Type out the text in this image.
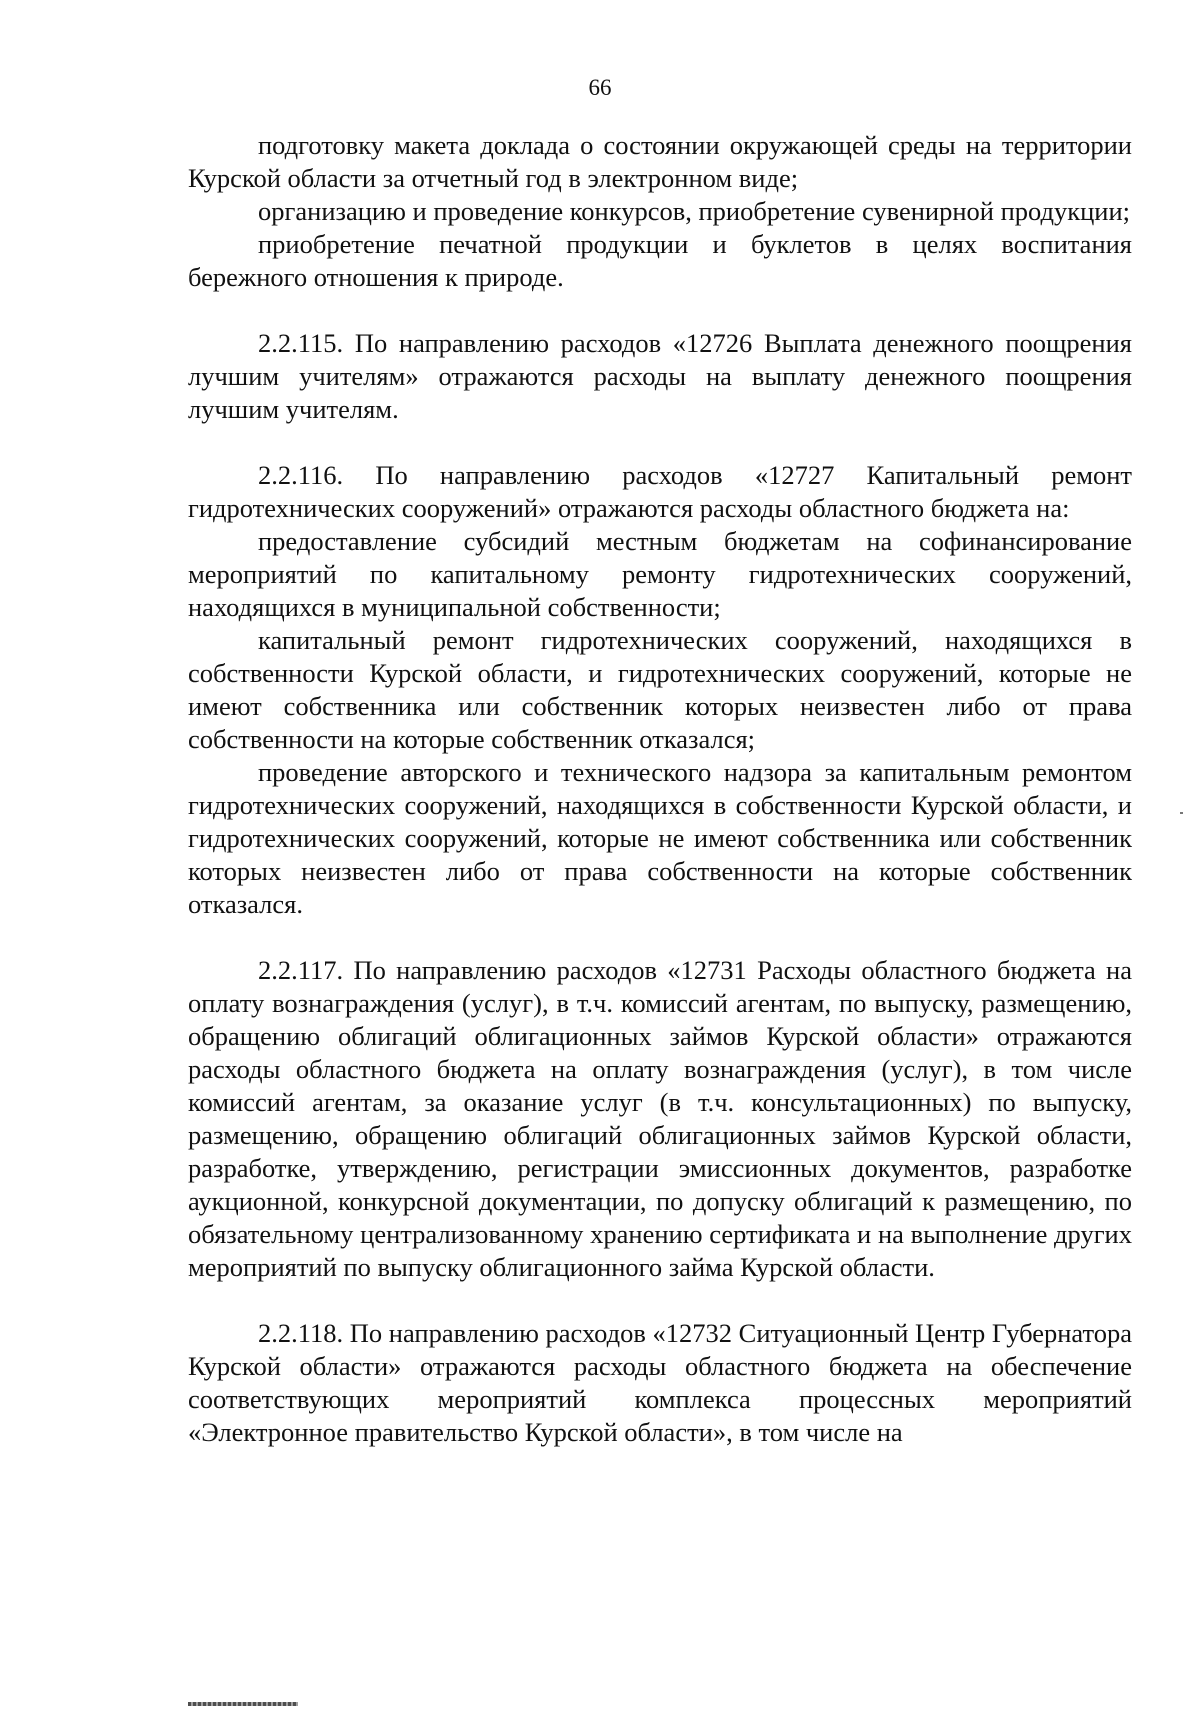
66

подготовку макета доклада о состоянии окружающей среды на территории Курской области за отчетный год в электронном виде;

организацию и проведение конкурсов, приобретение сувенирной продукции;

приобретение печатной продукции и буклетов в целях воспитания бережного отношения к природе.

2.2.115. По направлению расходов «12726 Выплата денежного поощрения лучшим учителям» отражаются расходы на выплату денежного поощрения лучшим учителям.

2.2.116. По направлению расходов «12727 Капитальный ремонт гидротехнических сооружений» отражаются расходы областного бюджета на:

предоставление субсидий местным бюджетам на софинансирование мероприятий по капитальному ремонту гидротехнических сооружений, находящихся в муниципальной собственности;

капитальный ремонт гидротехнических сооружений, находящихся в собственности Курской области, и гидротехнических сооружений, которые не имеют собственника или собственник которых неизвестен либо от права собственности на которые собственник отказался;

проведение авторского и технического надзора за капитальным ремонтом гидротехнических сооружений, находящихся в собственности Курской области, и гидротехнических сооружений, которые не имеют собственника или собственник которых неизвестен либо от права собственности на которые собственник отказался.

2.2.117. По направлению расходов «12731 Расходы областного бюджета на оплату вознаграждения (услуг), в т.ч. комиссий агентам, по выпуску, размещению, обращению облигаций облигационных займов Курской области» отражаются расходы областного бюджета на оплату вознаграждения (услуг), в том числе комиссий агентам, за оказание услуг (в т.ч. консультационных) по выпуску, размещению, обращению облигаций облигационных займов Курской области, разработке, утверждению, регистрации эмиссионных документов, разработке аукционной, конкурсной документации, по допуску облигаций к размещению, по обязательному централизованному хранению сертификата и на выполнение других мероприятий по выпуску облигационного займа Курской области.

2.2.118. По направлению расходов «12732 Ситуационный Центр Губернатора Курской области» отражаются расходы областного бюджета на обеспечение соответствующих мероприятий комплекса процессных мероприятий «Электронное правительство Курской области», в том числе на
